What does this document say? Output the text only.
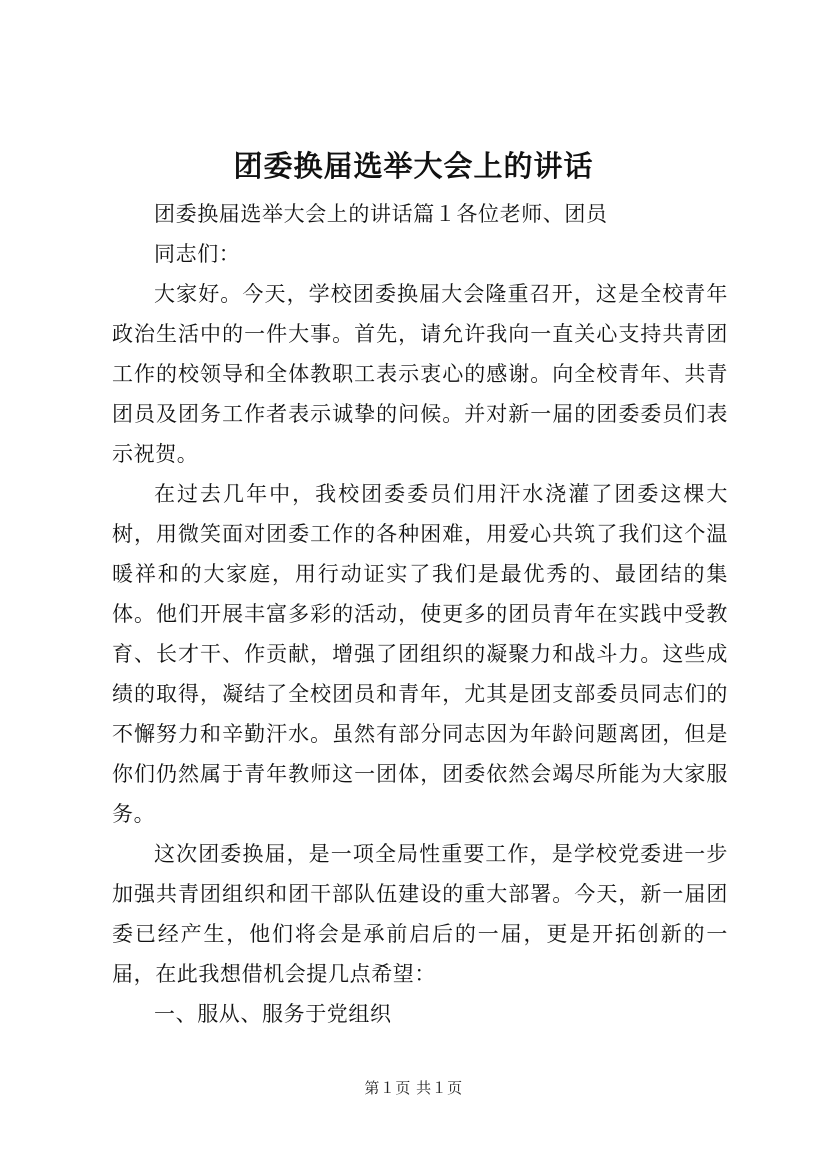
团委换届选举大会上的讲话

团委换届选举大会上的讲话篇１各位老师、团员

同志们：

大家好。今天，学校团委换届大会隆重召开，这是全校青年政治生活中的一件大事。首先，请允许我向一直关心支持共青团工作的校领导和全体教职工表示衷心的感谢。向全校青年、共青团员及团务工作者表示诚挚的问候。并对新一届的团委委员们表示祝贺。

在过去几年中，我校团委委员们用汗水浇灌了团委这棵大树，用微笑面对团委工作的各种困难，用爱心共筑了我们这个温暖祥和的大家庭，用行动证实了我们是最优秀的、最团结的集体。他们开展丰富多彩的活动，使更多的团员青年在实践中受教育、长才干、作贡献，增强了团组织的凝聚力和战斗力。这些成绩的取得，凝结了全校团员和青年，尤其是团支部委员同志们的不懈努力和辛勤汗水。虽然有部分同志因为年龄问题离团，但是你们仍然属于青年教师这一团体，团委依然会竭尽所能为大家服务。

这次团委换届，是一项全局性重要工作，是学校党委进一步加强共青团组织和团干部队伍建设的重大部署。今天，新一届团委已经产生，他们将会是承前启后的一届，更是开拓创新的一届，在此我想借机会提几点希望：

一、服从、服务于党组织

第１页 共１页
